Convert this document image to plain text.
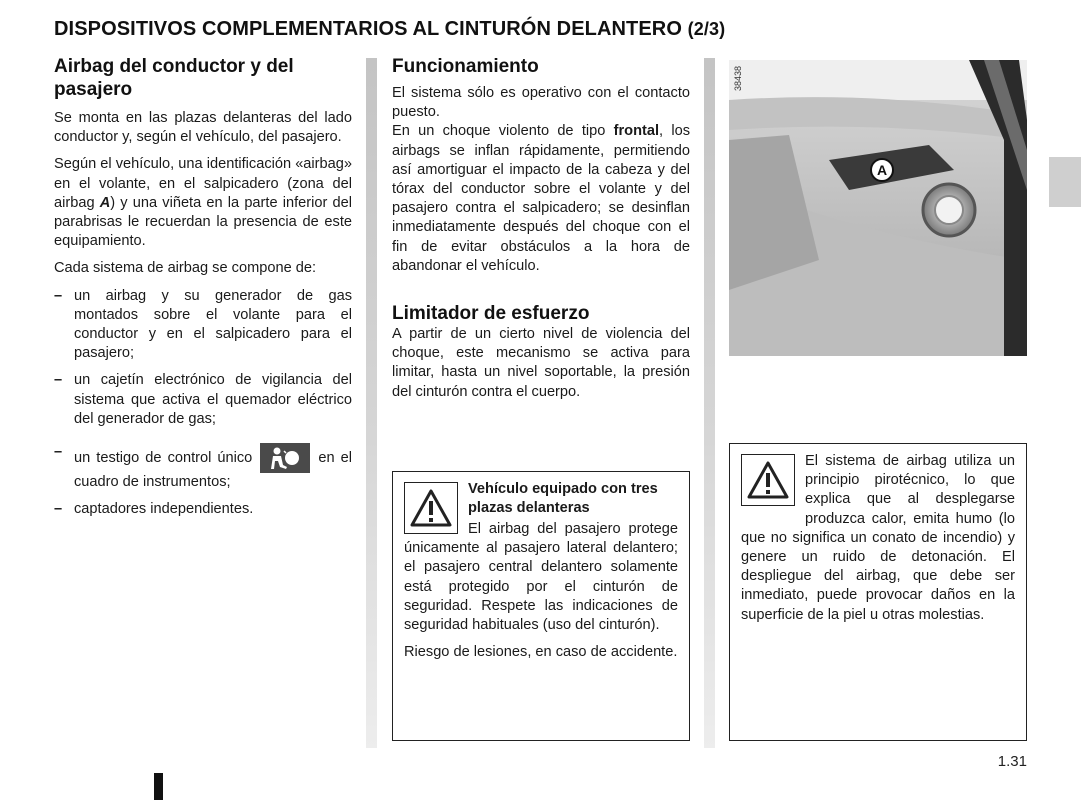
DISPOSITIVOS COMPLEMENTARIOS AL CINTURÓN DELANTERO (2/3)
Airbag del conductor y del pasajero
Se monta en las plazas delanteras del lado conductor y, según el vehículo, del pasajero.
Según el vehículo, una identificación «airbag» en el volante, en el salpicadero (zona del airbag A) y una viñeta en la parte inferior del parabrisas le recuerdan la presencia de este equipamiento.
Cada sistema de airbag se compone de:
– un airbag y su generador de gas montados sobre el volante para el conductor y en el salpicadero para el pasajero;
– un cajetín electrónico de vigilancia del sistema que activa el quemador eléctrico del generador de gas;
– un testigo de control único	en el cuadro de instrumentos;
– captadores independientes.
Funcionamiento
El sistema sólo es operativo con el contacto puesto.
En un choque violento de tipo frontal, los airbags se inflan rápidamente, permitiendo así amortiguar el impacto de la cabeza y del tórax del conductor sobre el volante y del pasajero contra el salpicadero; se desinflan inmediatamente después del choque con el fin de evitar obstáculos a la hora de abandonar el vehículo.
Limitador de esfuerzo
A partir de un cierto nivel de violencia del choque, este mecanismo se activa para limitar, hasta un nivel soportable, la presión del cinturón contra el cuerpo.
Vehículo equipado con tres plazas delanteras
El airbag del pasajero protege únicamente al pasajero lateral delantero; el pasajero central delantero solamente está protegido por el cinturón de seguridad. Respete las indicaciones de seguridad habituales (uso del cinturón).
Riesgo de lesiones, en caso de accidente.
A
38438
El sistema de airbag utiliza un principio pirotécnico, lo que explica que al desplegarse produzca calor, emita humo (lo que no significa un conato de incendio) y genere un ruido de detonación. El despliegue del airbag, que debe ser inmediato, puede provocar daños en la superficie de la piel u otras molestias.
1.31
